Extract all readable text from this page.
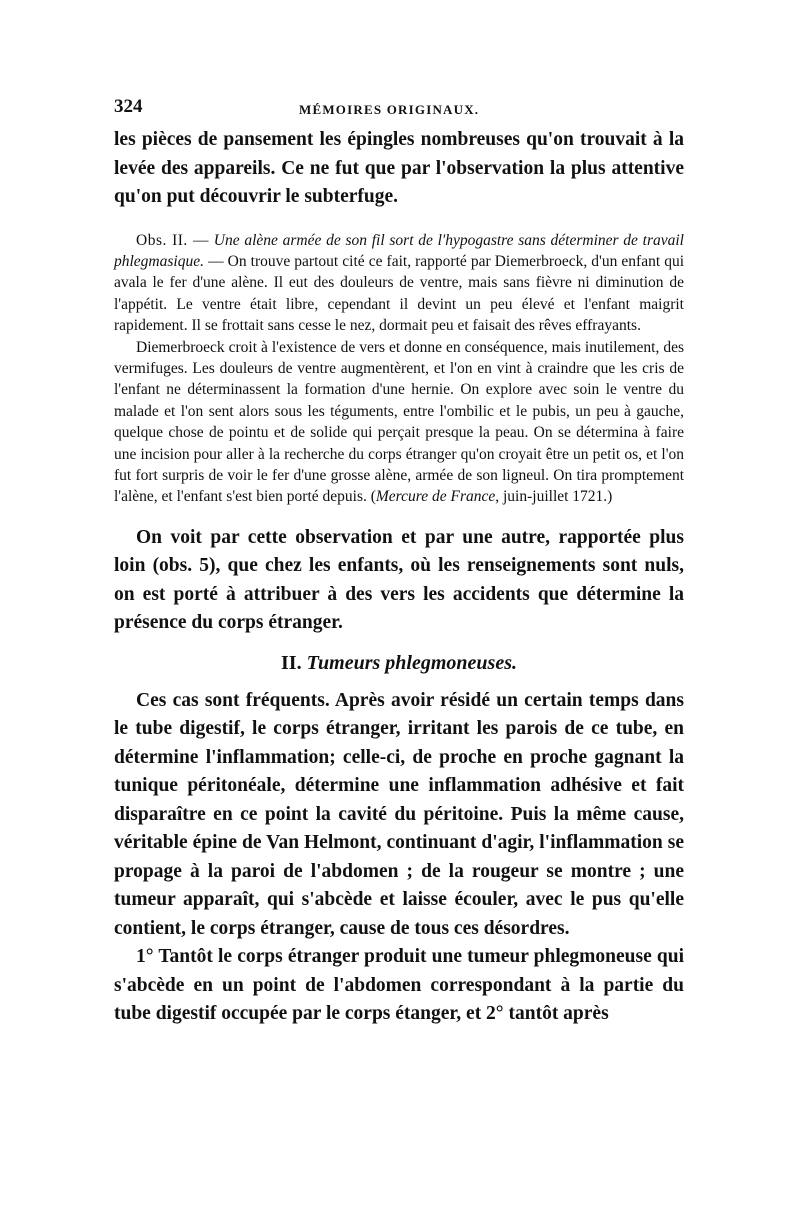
324	MÉMOIRES ORIGINAUX.

les pièces de pansement les épingles nombreuses qu'on trouvait à la levée des appareils. Ce ne fut que par l'observation la plus attentive qu'on put découvrir le subterfuge.

Obs. II. — Une alène armée de son fil sort de l'hypogastre sans déterminer de travail phlegmasique. — On trouve partout cité ce fait, rapporté par Diemerbroeck, d'un enfant qui avala le fer d'une alène. Il eut des douleurs de ventre, mais sans fièvre ni diminution de l'appétit. Le ventre était libre, cependant il devint un peu élevé et l'enfant maigrit rapidement. Il se frottait sans cesse le nez, dormait peu et faisait des rêves effrayants.

Diemerbroeck croit à l'existence de vers et donne en conséquence, mais inutilement, des vermifuges. Les douleurs de ventre augmentèrent, et l'on en vint à craindre que les cris de l'enfant ne déterminassent la formation d'une hernie. On explore avec soin le ventre du malade et l'on sent alors sous les téguments, entre l'ombilic et le pubis, un peu à gauche, quelque chose de pointu et de solide qui perçait presque la peau. On se détermina à faire une incision pour aller à la recherche du corps étranger qu'on croyait être un petit os, et l'on fut fort surpris de voir le fer d'une grosse alène, armée de son ligneul. On tira promptement l'alène, et l'enfant s'est bien porté depuis. (Mercure de France, juin-juillet 1721.)

On voit par cette observation et par une autre, rapportée plus loin (obs. 5), que chez les enfants, où les renseignements sont nuls, on est porté à attribuer à des vers les accidents que détermine la présence du corps étranger.

II. Tumeurs phlegmoneuses.

Ces cas sont fréquents. Après avoir résidé un certain temps dans le tube digestif, le corps étranger, irritant les parois de ce tube, en détermine l'inflammation; celle-ci, de proche en proche gagnant la tunique péritonéale, détermine une inflammation adhésive et fait disparaître en ce point la cavité du péritoine. Puis la même cause, véritable épine de Van Helmont, continuant d'agir, l'inflammation se propage à la paroi de l'abdomen ; de la rougeur se montre ; une tumeur apparaît, qui s'abcède et laisse écouler, avec le pus qu'elle contient, le corps étranger, cause de tous ces désordres.

1° Tantôt le corps étranger produit une tumeur phlegmoneuse qui s'abcède en un point de l'abdomen correspondant à la partie du tube digestif occupée par le corps étanger, et 2° tantôt après
